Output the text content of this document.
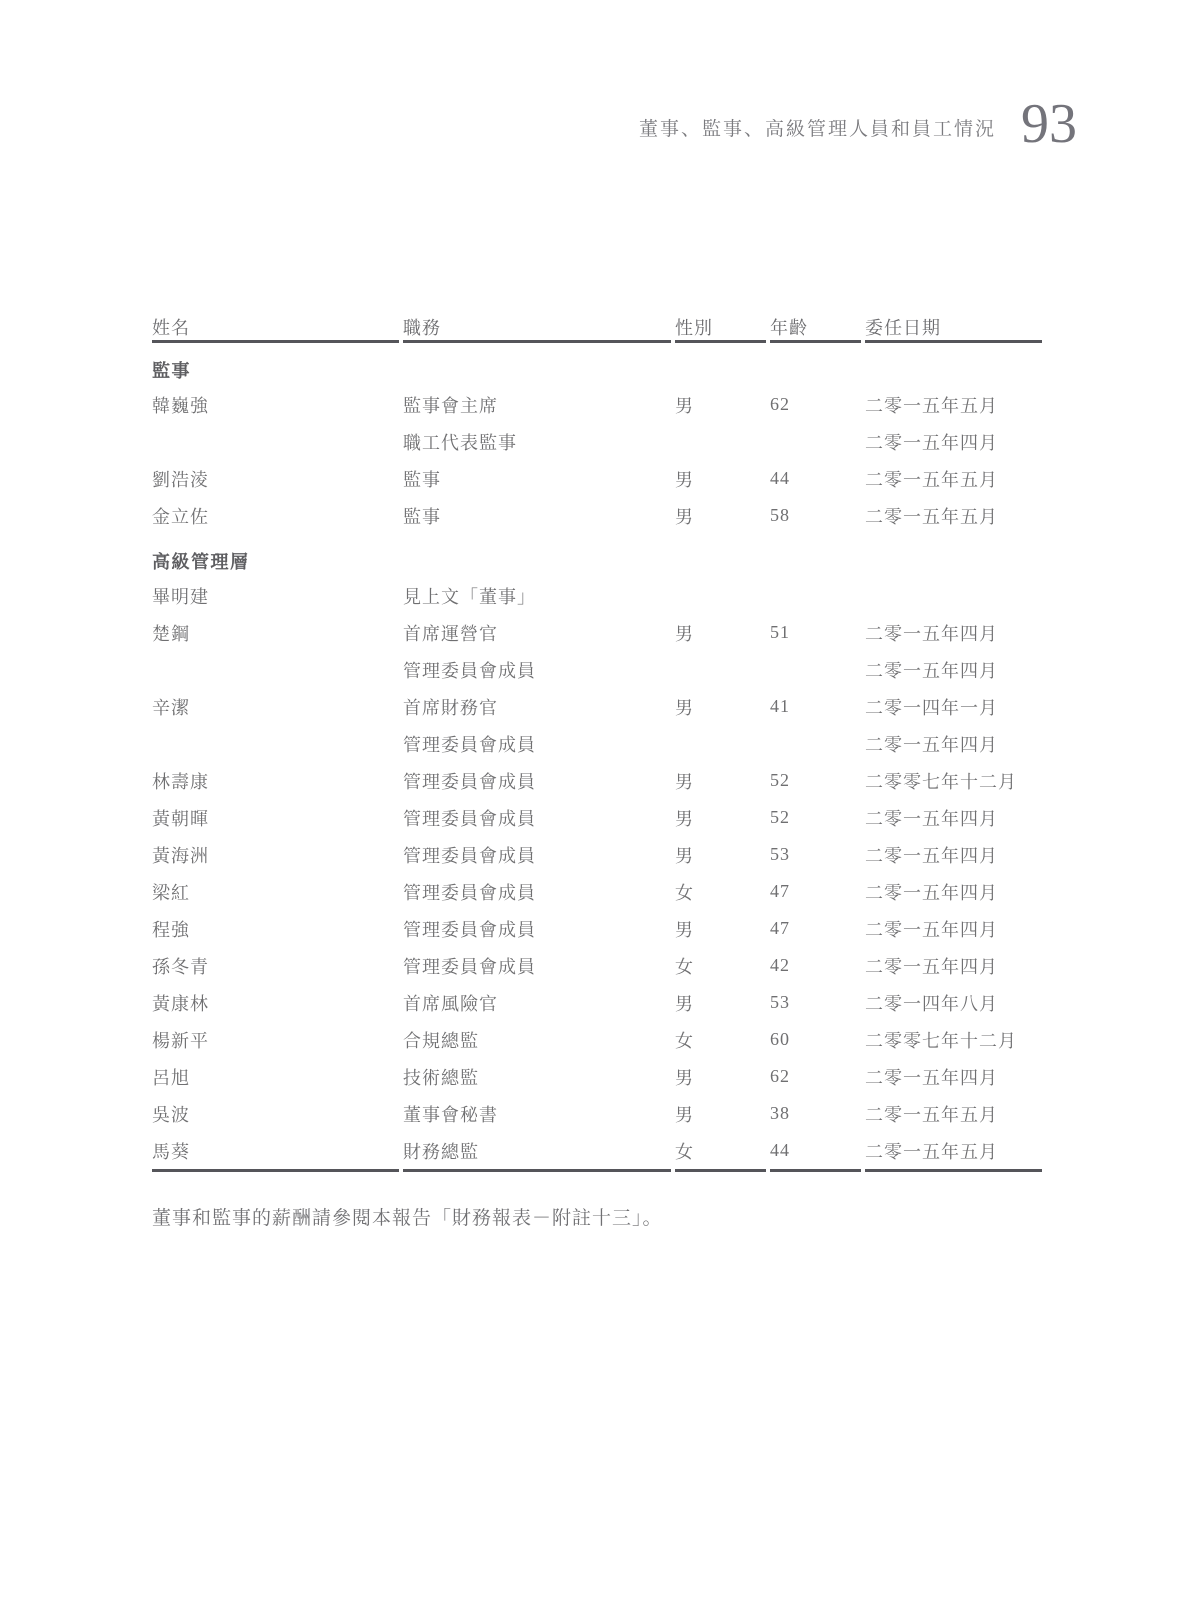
董事、監事、高級管理人員和員工情況 93
姓名	職務	性別	年齡	委任日期
監事				
韓巍強	監事會主席	男	62	二零一五年五月
	職工代表監事			二零一五年四月
劉浩淩	監事	男	44	二零一五年五月
金立佐	監事	男	58	二零一五年五月
高級管理層				
畢明建	見上文「董事」			
楚鋼	首席運營官	男	51	二零一五年四月
	管理委員會成員			二零一五年四月
辛潔	首席財務官	男	41	二零一四年一月
	管理委員會成員			二零一五年四月
林壽康	管理委員會成員	男	52	二零零七年十二月
黃朝暉	管理委員會成員	男	52	二零一五年四月
黃海洲	管理委員會成員	男	53	二零一五年四月
梁紅	管理委員會成員	女	47	二零一五年四月
程強	管理委員會成員	男	47	二零一五年四月
孫冬青	管理委員會成員	女	42	二零一五年四月
黃康林	首席風險官	男	53	二零一四年八月
楊新平	合規總監	女	60	二零零七年十二月
呂旭	技術總監	男	62	二零一五年四月
吳波	董事會秘書	男	38	二零一五年五月
馬葵	財務總監	女	44	二零一五年五月
董事和監事的薪酬請參閱本報告「財務報表－附註十三」。
